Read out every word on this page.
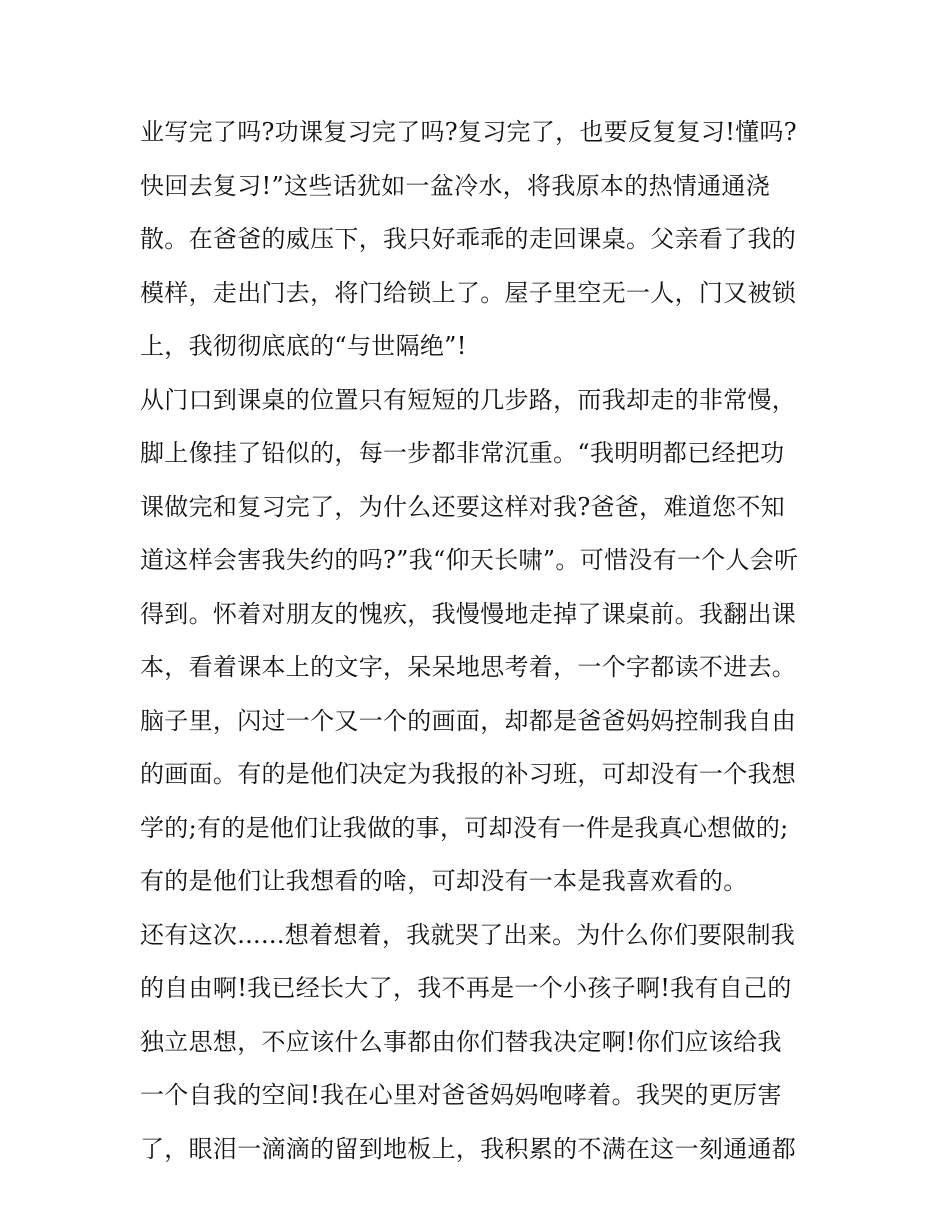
业写完了吗?功课复习完了吗?复习完了，也要反复复习!懂吗?
快回去复习!”这些话犹如一盆冷水，将我原本的热情通通浇
散。在爸爸的威压下，我只好乖乖的走回课桌。父亲看了我的
模样，走出门去，将门给锁上了。屋子里空无一人，门又被锁
上，我彻彻底底的“与世隔绝”!
从门口到课桌的位置只有短短的几步路，而我却走的非常慢，
脚上像挂了铅似的，每一步都非常沉重。“我明明都已经把功
课做完和复习完了，为什么还要这样对我?爸爸，难道您不知
道这样会害我失约的吗?”我“仰天长啸”。可惜没有一个人会听
得到。怀着对朋友的愧疚，我慢慢地走掉了课桌前。我翻出课
本，看着课本上的文字，呆呆地思考着，一个字都读不进去。
脑子里，闪过一个又一个的画面，却都是爸爸妈妈控制我自由
的画面。有的是他们决定为我报的补习班，可却没有一个我想
学的;有的是他们让我做的事，可却没有一件是我真心想做的;
有的是他们让我想看的啥，可却没有一本是我喜欢看的。
还有这次......想着想着，我就哭了出来。为什么你们要限制我
的自由啊!我已经长大了，我不再是一个小孩子啊!我有自己的
独立思想，不应该什么事都由你们替我决定啊!你们应该给我
一个自我的空间!我在心里对爸爸妈妈咆哮着。我哭的更厉害
了，眼泪一滴滴的留到地板上，我积累的不满在这一刻通通都
